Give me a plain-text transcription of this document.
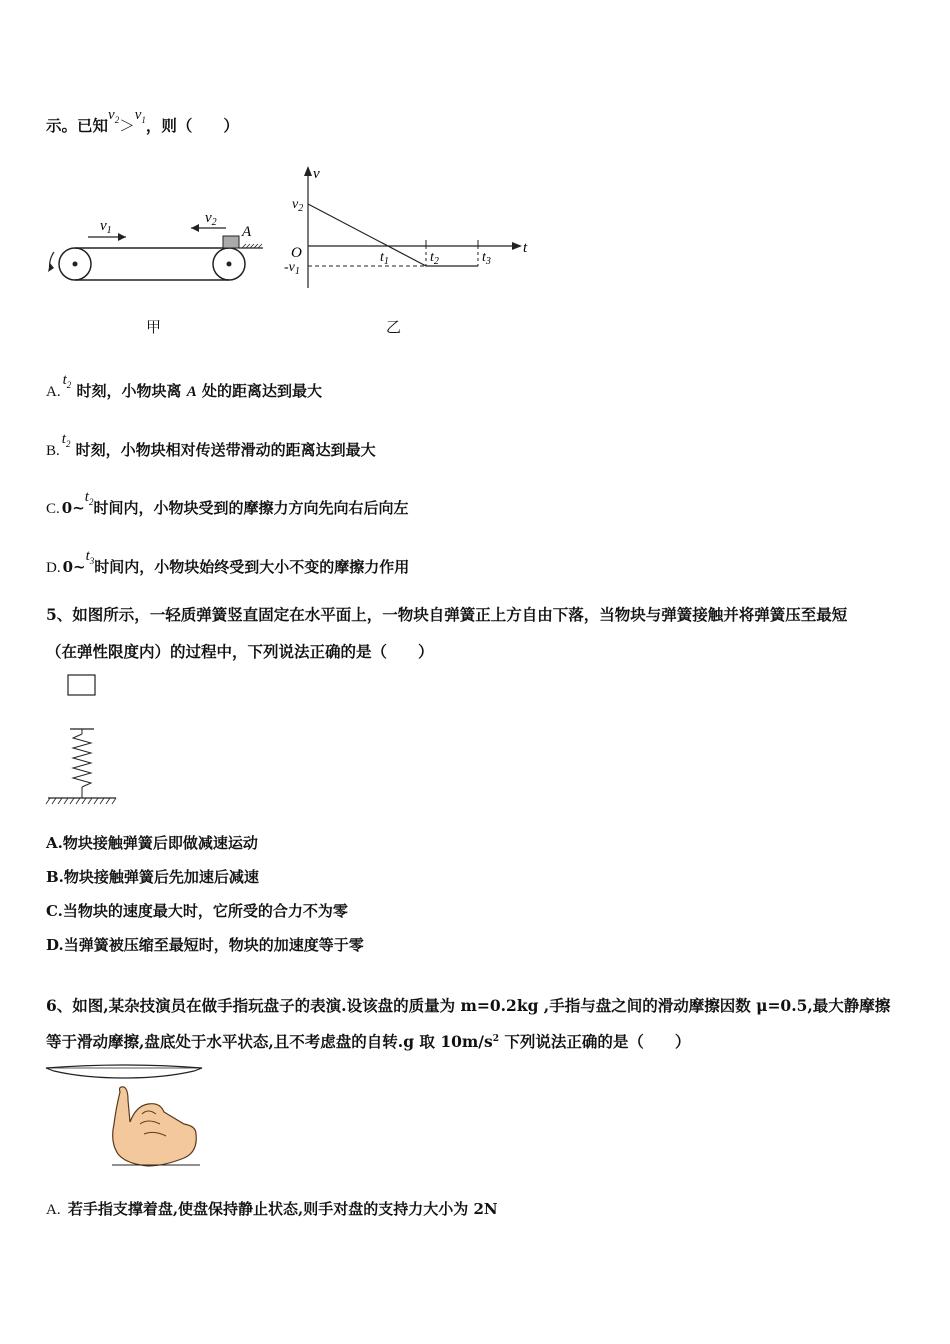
示。已知$v_2>v_1$，则（　　）
$v_1$
$v_2$
A
甲
v
t
O
$v_2$
$-v_1$
$t_1$	$t_2$	$t_3$
乙
$A.t_2$ 时刻，小物块离 A 处的距离达到最大
$B.t_2$ 时刻，小物块相对传送带滑动的距离达到最大
C. $0\sim t_2$时间内，小物块受到的摩擦力方向先向右后向左
D. $0\sim t_3$时间内，小物块始终受到大小不变的摩擦力作用
5、如图所示，一轻质弹簧竖直固定在水平面上，一物块自弹簧正上方自由下落，当物块与弹簧接触并将弹簧压至最短
（在弹性限度内）的过程中，下列说法正确的是（　　）
A.物块接触弹簧后即做减速运动
B.物块接触弹簧后先加速后减速
C.当物块的速度最大时，它所受的合力不为零
D.当弹簧被压缩至最短时，物块的加速度等于零
6、如图,某杂技演员在做手指玩盘子的表演.设该盘的质量为 m=0.2kg ,手指与盘之间的滑动摩擦因数 μ=0.5,最大静摩擦
等于滑动摩擦,盘底处于水平状态,且不考虑盘的自转.g 取 $10m/s^2$ 下列说法正确的是（　　）
A. 若手指支撑着盘,使盘保持静止状态,则手对盘的支持力大小为 2N
